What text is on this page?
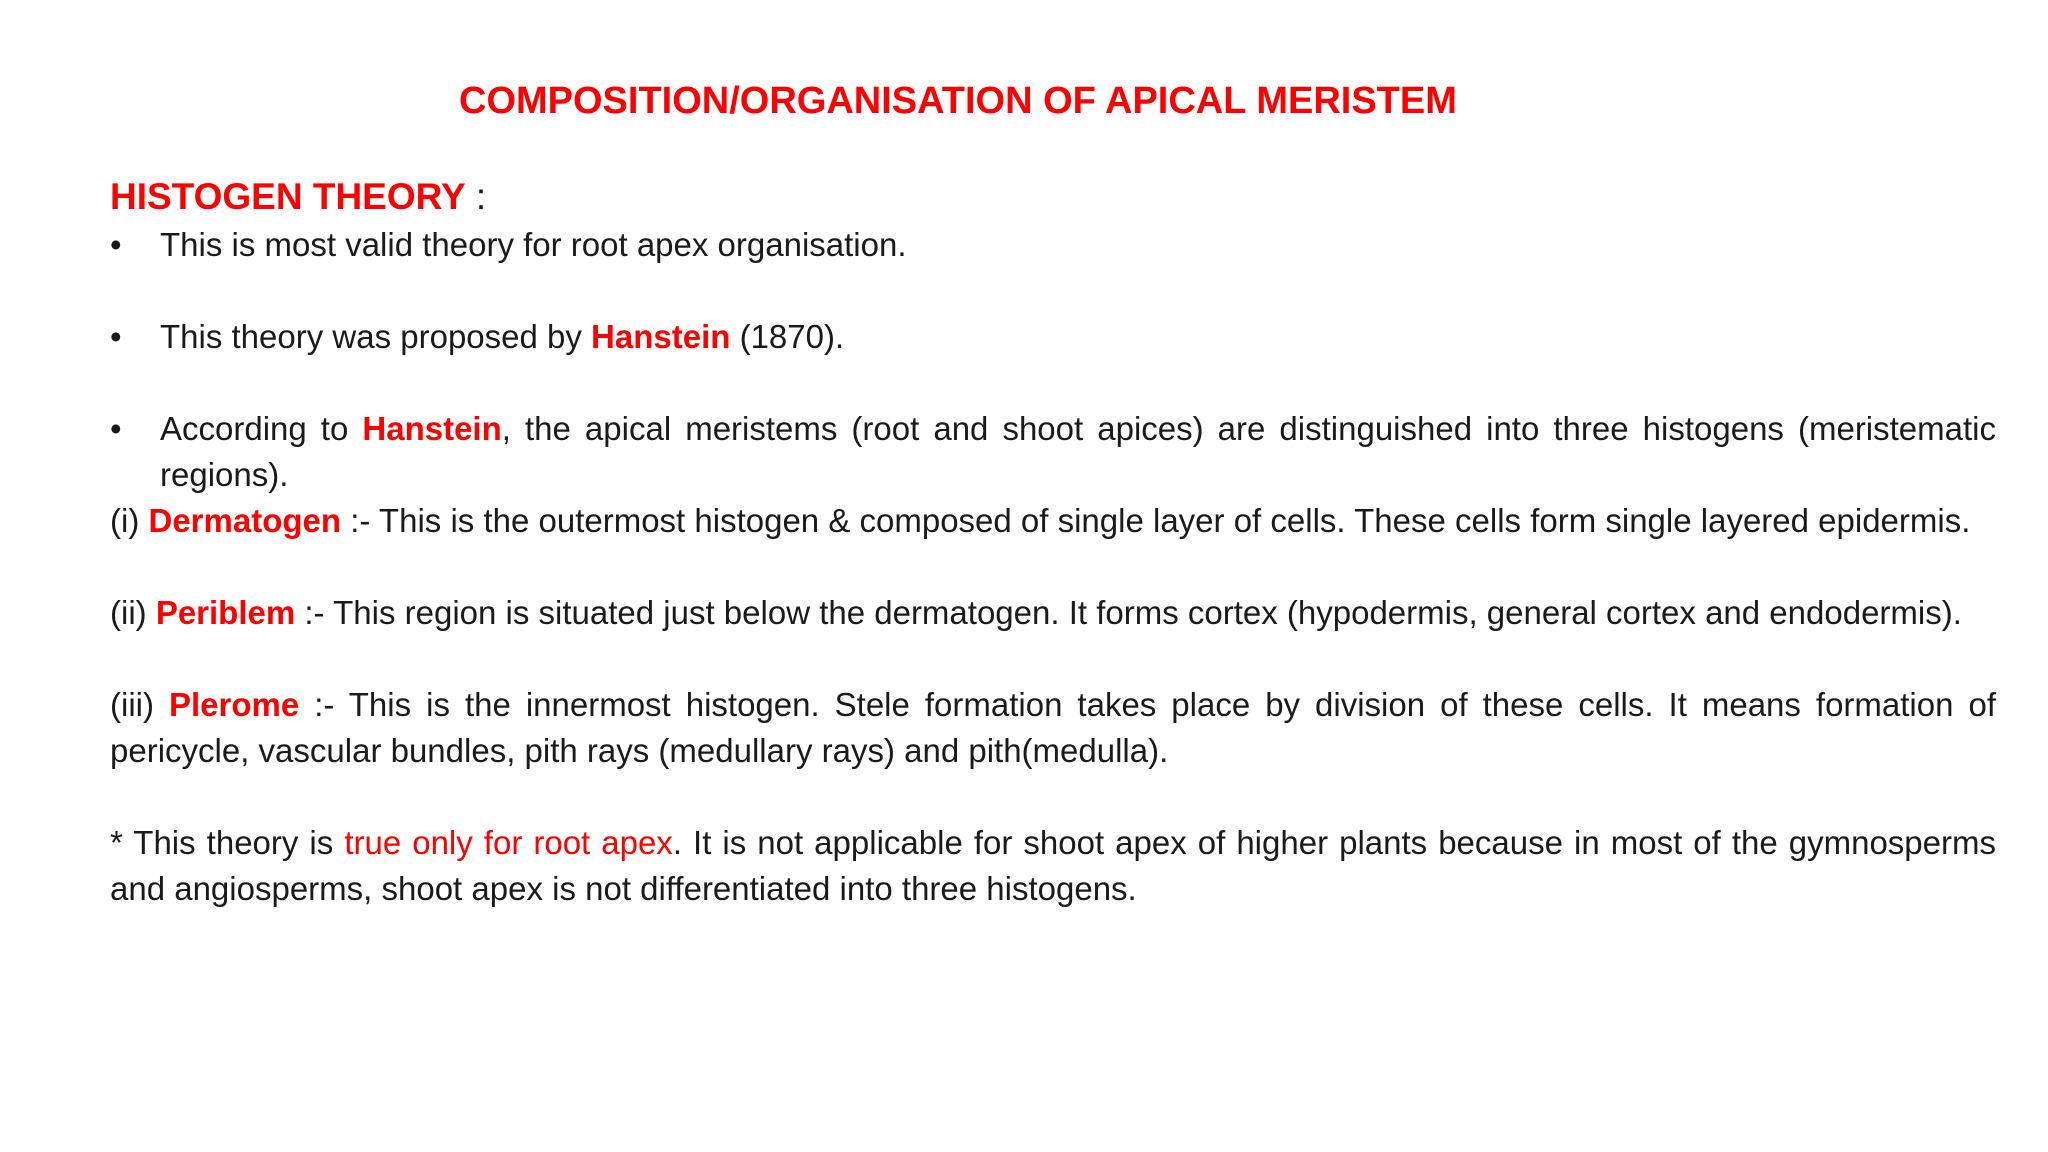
COMPOSITION/ORGANISATION OF APICAL MERISTEM

HISTOGEN THEORY :

• This is most valid theory for root apex organisation.
• This theory was proposed by Hanstein (1870).
• According to Hanstein, the apical meristems (root and shoot apices) are distinguished into three histogens (meristematic regions).

(i) Dermatogen :- This is the outermost histogen & composed of single layer of cells. These cells form single layered epidermis.

(ii) Periblem :- This region is situated just below the dermatogen. It forms cortex (hypodermis, general cortex and endodermis).

(iii) Plerome :- This is the innermost histogen. Stele formation takes place by division of these cells. It means formation of pericycle, vascular bundles, pith rays (medullary rays) and pith(medulla).

* This theory is true only for root apex. It is not applicable for shoot apex of higher plants because in most of the gymnosperms and angiosperms, shoot apex is not differentiated into three histogens.
